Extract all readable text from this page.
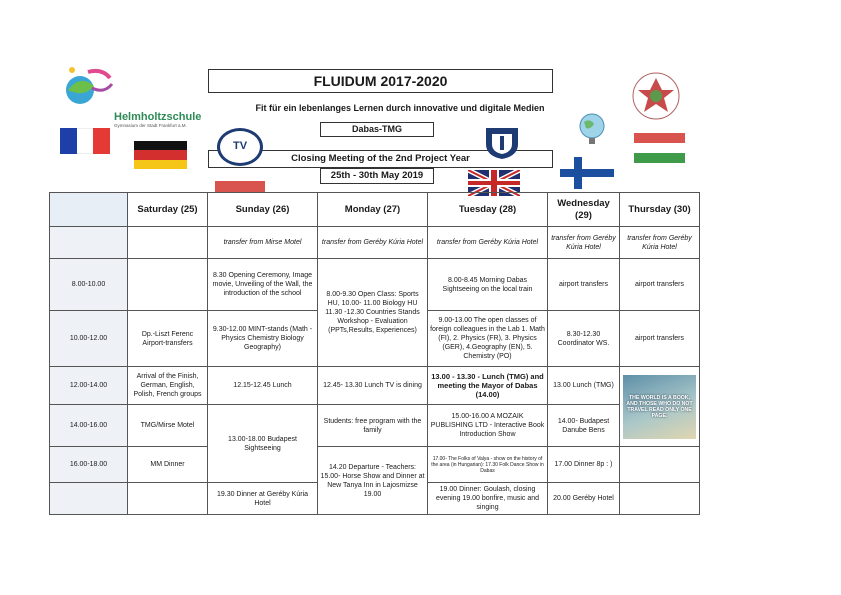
FLUIDUM 2017-2020
Fit für ein lebenlanges Lernen durch innovative und digitale Medien
Dabas-TMG
Closing Meeting of the 2nd Project Year
25th - 30th May 2019
Helmholtzschule
Gymnasium der Stadt Frankfurt a.M.
TV
	Saturday (25)	Sunday (26)	Monday (27)	Tuesday (28)	Wednesday (29)	Thursday (30)
		transfer from Mirse Motel	transfer from Geréby Kúria Hotel	transfer from Geréby Kúria Hotel	transfer from Geréby Kúria Hotel	transfer from Geréby Kúria Hotel
8.00-10.00		8.30 Opening Ceremony, Image movie, Unveiling of the Wall, the introduction of the school	8.00-9.30 Open Class: Sports HU, 10.00- 11.00 Biology HU 11.30 -12.30 Countries Stands Workshop - Evaluation (PPTs,Results, Experiences)	8.00-8.45 Morning Dabas Sightseeing on the local train	airport transfers	airport transfers
10.00-12.00	Dp.-Liszt Ferenc Airport-transfers	9.30-12.00 MINT-stands (Math - Physics Chemistry Biology Geography)		9.00-13.00 The open classes of foreign colleagues in the Lab 1. Math (FI), 2. Physics (FR), 3. Physics (GER), 4.Geography (EN), 5. Chemistry (PO)	8.30-12.30 Coordinator WS.	airport transfers
12.00-14.00	Arrival of the Finish, German, English, Polish, French groups	12.15-12.45 Lunch	12.45- 13.30 Lunch TV is dining	13.00 - 13.30 - Lunch (TMG) and meeting the Mayor of Dabas (14.00)	13.00 Lunch (TMG)	THE WORLD IS A BOOK, AND THOSE WHO DO NOT TRAVEL READ ONLY ONE PAGE.

14.00-16.00	TMG/Mirse Motel	13.00-18.00 Budapest Sightseeing	Students: free program with the family	15.00-16.00 A MOZAIK PUBLISHING LTD - Interactive Book Introduction Show	14.00- Budapest Danube Bens	
16.00-18.00	MM Dinner		14.20 Departure - Teachers: 15.00- Horse Show and Dinner at New Tanya Inn in Lajosmizse 19.00	17.00- The Folks of Valya - show on the history of the area (in Hungarian): 17.30 Folk Dance Show in Dabas	17.00 Dinner 8p : )	
		19.30 Dinner at Geréby Kúria Hotel		19.00 Dinner: Goulash, closing evening 19.00 bonfire, music and singing	20.00 Geréby Hotel	
